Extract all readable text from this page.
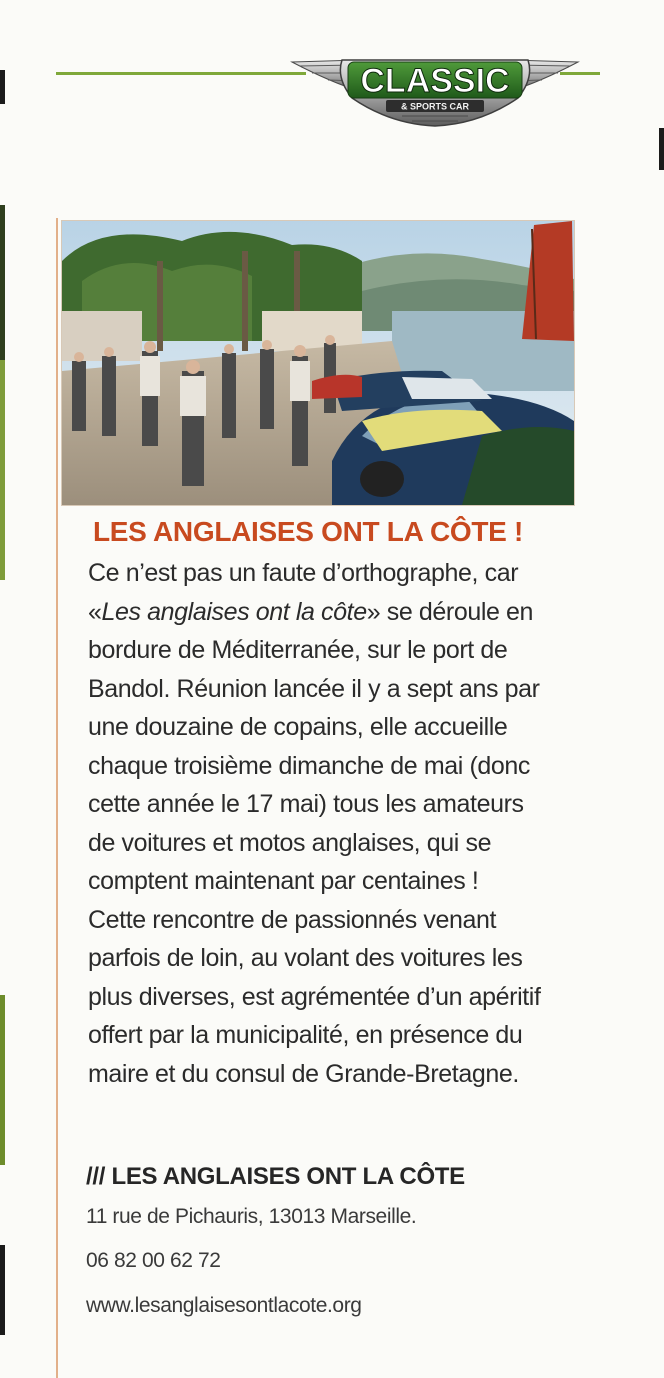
CLASSIC
& SPORTS CAR
LES ANGLAISES ONT LA CÔTE !
Ce n’est pas un faute d’orthographe, car
«Les anglaises ont la côte» se déroule en
bordure de Méditerranée, sur le port de
Bandol. Réunion lancée il y a sept ans par
une douzaine de copains, elle accueille
chaque troisième dimanche de mai (donc
cette année le 17 mai) tous les amateurs
de voitures et motos anglaises, qui se
comptent maintenant par centaines !
Cette rencontre de passionnés venant
parfois de loin, au volant des voitures les
plus diverses, est agrémentée d’un apéritif
offert par la municipalité, en présence du
maire et du consul de Grande-Bretagne.
/// LES ANGLAISES ONT LA CÔTE
11 rue de Pichauris, 13013 Marseille.
06 82 00 62 72
www.lesanglaisesontlacote.org
